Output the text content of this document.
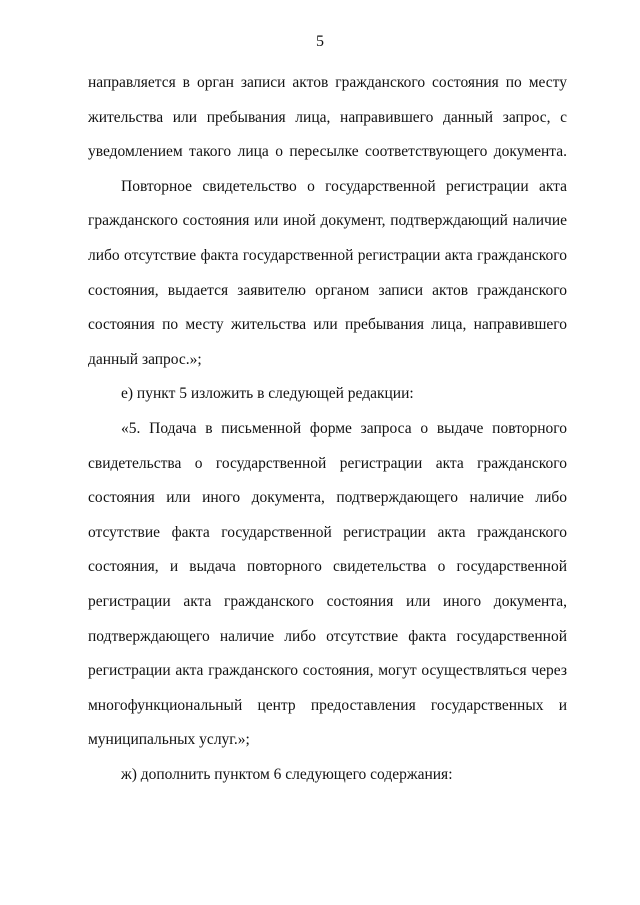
5

направляется в орган записи актов гражданского состояния по месту

жительства или пребывания лица, направившего данный запрос, с

уведомлением такого лица о пересылке соответствующего документа.

Повторное свидетельство о государственной регистрации акта

гражданского состояния или иной документ, подтверждающий наличие

либо отсутствие факта государственной регистрации акта гражданского

состояния, выдается заявителю органом записи актов гражданского

состояния по месту жительства или пребывания лица, направившего

данный запрос.»;

е) пункт 5 изложить в следующей редакции:

«5. Подача в письменной форме запроса о выдаче повторного

свидетельства о государственной регистрации акта гражданского

состояния или иного документа, подтверждающего наличие либо

отсутствие факта государственной регистрации акта гражданского

состояния, и выдача повторного свидетельства о государственной

регистрации акта гражданского состояния или иного документа,

подтверждающего наличие либо отсутствие факта государственной

регистрации акта гражданского состояния, могут осуществляться через

многофункциональный центр предоставления государственных и

муниципальных услуг.»;

ж) дополнить пунктом 6 следующего содержания:
